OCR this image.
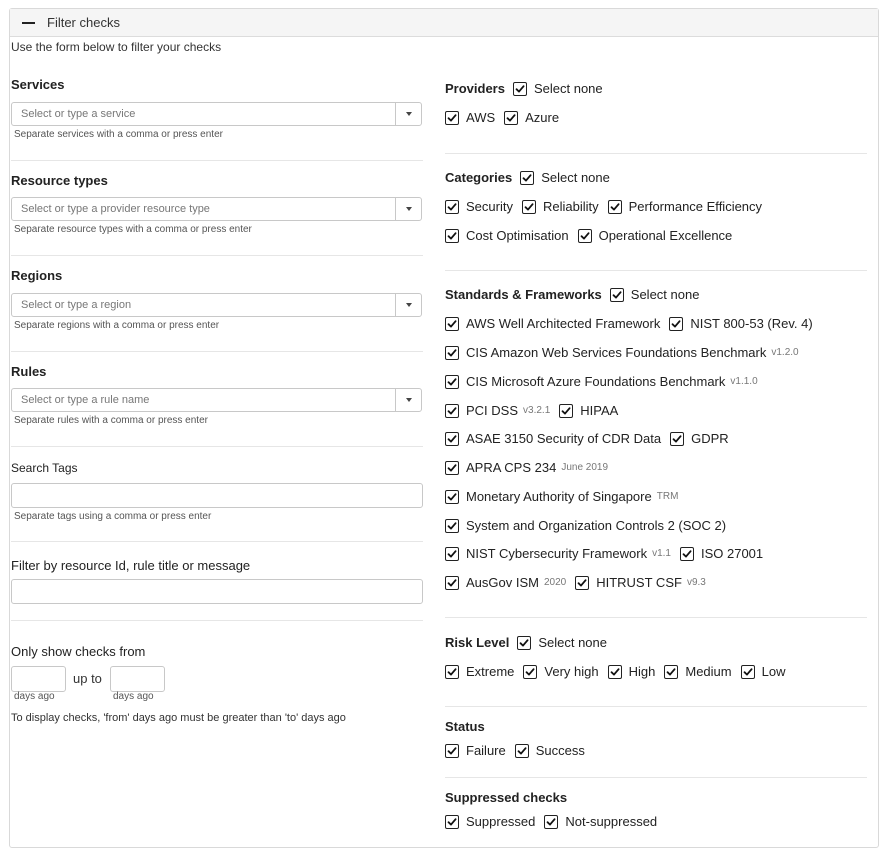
Filter checks
Use the form below to filter your checks
Services
Select or type a service
Separate services with a comma or press enter
Resource types
Select or type a provider resource type
Separate resource types with a comma or press enter
Regions
Select or type a region
Separate regions with a comma or press enter
Rules
Select or type a rule name
Separate rules with a comma or press enter
Search Tags
Separate tags using a comma or press enter
Filter by resource Id, rule title or message
Only show checks from
up to
days ago	days ago
To display checks, 'from' days ago must be greater than 'to' days ago
Providers Select none
AWS Azure
Categories Select none
Security Reliability Performance Efficiency
Cost Optimisation Operational Excellence
Standards & Frameworks Select none
AWS Well Architected Framework NIST 800-53 (Rev. 4)
CIS Amazon Web Services Foundations Benchmark v1.2.0
CIS Microsoft Azure Foundations Benchmark v1.1.0
PCI DSS v3.2.1 HIPAA
ASAE 3150 Security of CDR Data GDPR
APRA CPS 234 June 2019
Monetary Authority of Singapore TRM
System and Organization Controls 2 (SOC 2)
NIST Cybersecurity Framework v1.1 ISO 27001
AusGov ISM 2020 HITRUST CSF v9.3
Risk Level Select none
Extreme Very high High Medium Low
Status
Failure Success
Suppressed checks
Suppressed Not-suppressed
